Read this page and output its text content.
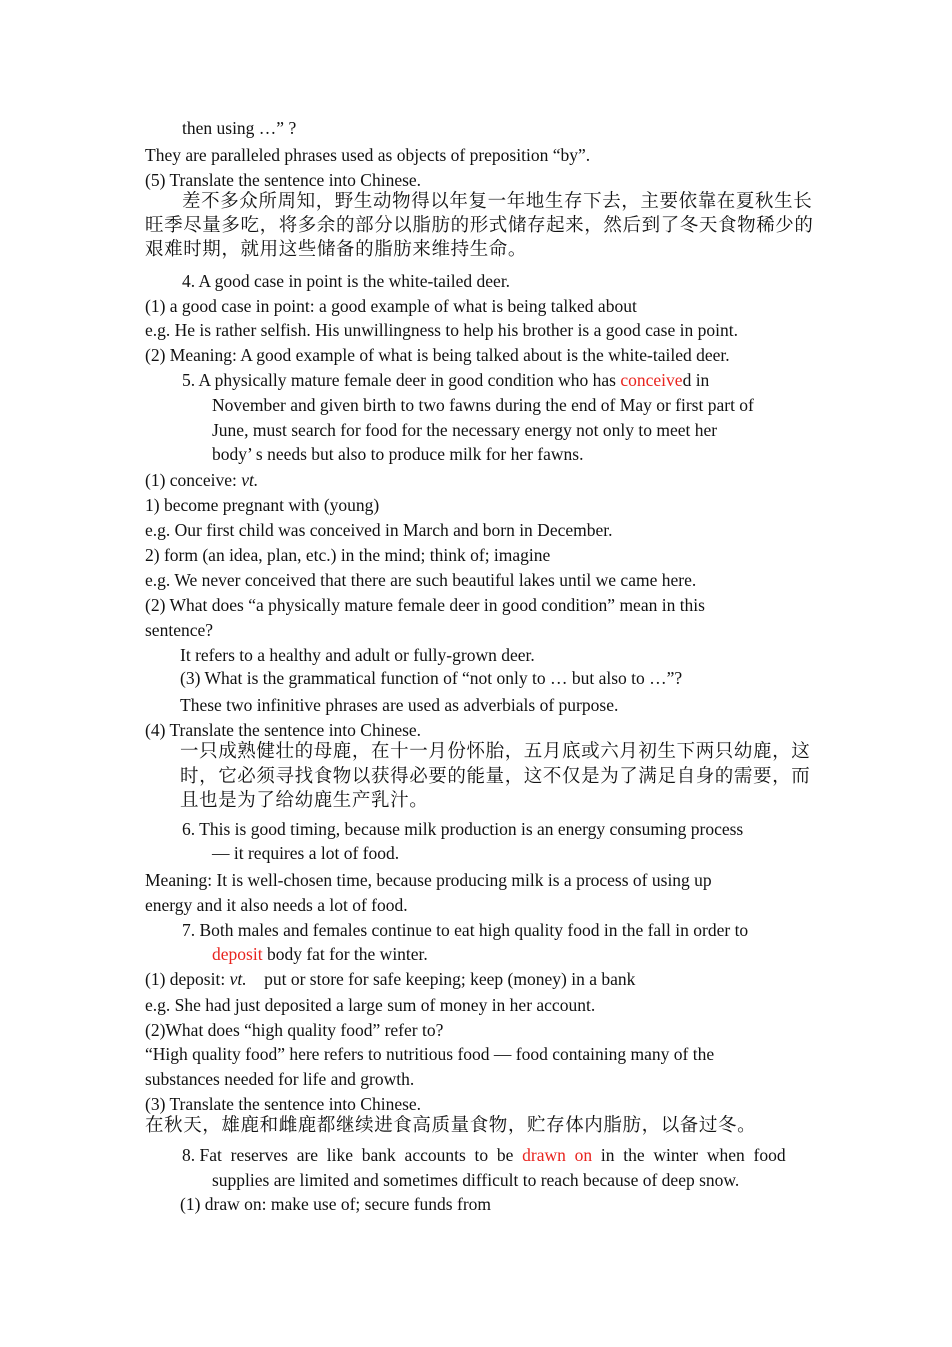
then using …” ?
They are paralleled phrases used as objects of preposition “by”.
(5) Translate the sentence into Chinese.
差不多众所周知，野生动物得以年复一年地生存下去，主要依靠在夏秋生长
旺季尽量多吃，将多余的部分以脂肪的形式储存起来，然后到了冬天食物稀少的
艰难时期，就用这些储备的脂肪来维持生命。
4. A good case in point is the white-tailed deer.
(1) a good case in point: a good example of what is being talked about
e.g. He is rather selfish. His unwillingness to help his brother is a good case in point.
(2) Meaning: A good example of what is being talked about is the white-tailed deer.
5. A physically mature female deer in good condition who has conceived in
November and given birth to two fawns during the end of May or first part of
June, must search for food for the necessary energy not only to meet her
body’ s needs but also to produce milk for her fawns.
(1) conceive: vt.
1) become pregnant with (young)
e.g. Our first child was conceived in March and born in December.
2) form (an idea, plan, etc.) in the mind; think of; imagine
e.g. We never conceived that there are such beautiful lakes until we came here.
(2) What does “a physically mature female deer in good condition” mean in this
sentence?
It refers to a healthy and adult or fully-grown deer.
(3) What is the grammatical function of “not only to … but also to …”?
These two infinitive phrases are used as adverbials of purpose.
(4) Translate the sentence into Chinese.
一只成熟健壮的母鹿，在十一月份怀胎，五月底或六月初生下两只幼鹿，这
时，它必须寻找食物以获得必要的能量，这不仅是为了满足自身的需要，而
且也是为了给幼鹿生产乳汁。
6. This is good timing, because milk production is an energy consuming process
— it requires a lot of food.
Meaning: It is well-chosen time, because producing milk is a process of using up
energy and it also needs a lot of food.
7. Both males and females continue to eat high quality food in the fall in order to
deposit body fat for the winter.
(1) deposit: vt.    put or store for safe keeping; keep (money) in a bank
e.g. She had just deposited a large sum of money in her account.
(2)What does “high quality food” refer to?
“High quality food” here refers to nutritious food — food containing many of the
substances needed for life and growth.
(3) Translate the sentence into Chinese.
在秋天，雄鹿和雌鹿都继续进食高质量食物，贮存体内脂肪，以备过冬。
8. Fat  reserves  are  like  bank  accounts  to  be  drawn  on  in  the  winter  when  food
supplies are limited and sometimes difficult to reach because of deep snow.
(1) draw on: make use of; secure funds from
